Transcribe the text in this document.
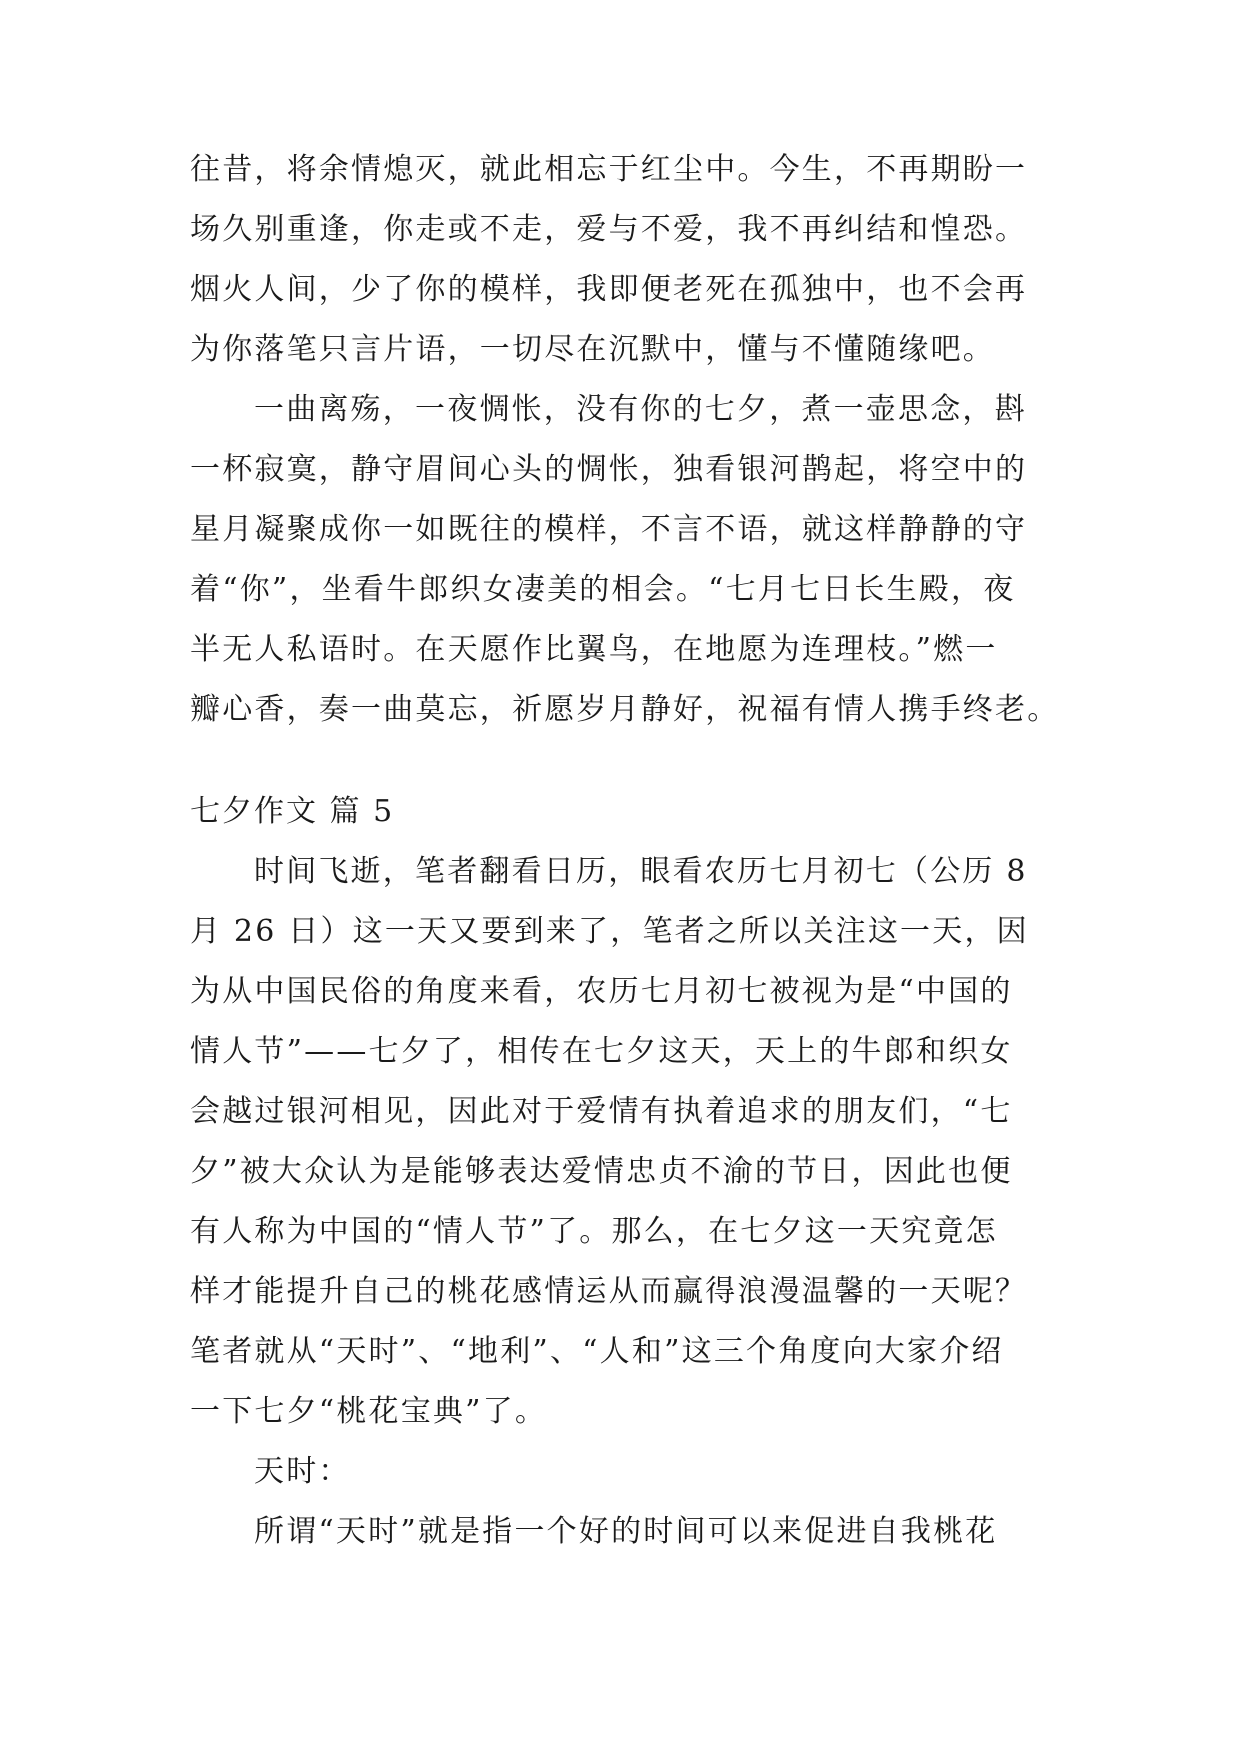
往昔，将余情熄灭，就此相忘于红尘中。今生，不再期盼一
场久别重逢，你走或不走，爱与不爱，我不再纠结和惶恐。
烟火人间，少了你的模样，我即便老死在孤独中，也不会再
为你落笔只言片语，一切尽在沉默中，懂与不懂随缘吧。
一曲离殇，一夜惆怅，没有你的七夕，煮一壶思念，斟
一杯寂寞，静守眉间心头的惆怅，独看银河鹊起，将空中的
星月凝聚成你一如既往的模样，不言不语，就这样静静的守
着“你”，坐看牛郎织女凄美的相会。“七月七日长生殿，夜
半无人私语时。在天愿作比翼鸟，在地愿为连理枝。”燃一
瓣心香，奏一曲莫忘，祈愿岁月静好，祝福有情人携手终老。
七夕作文 篇 5
时间飞逝，笔者翻看日历，眼看农历七月初七（公历 8
月 26 日）这一天又要到来了，笔者之所以关注这一天，因
为从中国民俗的角度来看，农历七月初七被视为是“中国的
情人节”——七夕了，相传在七夕这天，天上的牛郎和织女
会越过银河相见，因此对于爱情有执着追求的朋友们，“七
夕”被大众认为是能够表达爱情忠贞不渝的节日，因此也便
有人称为中国的“情人节”了。那么，在七夕这一天究竟怎
样才能提升自己的桃花感情运从而赢得浪漫温馨的一天呢？
笔者就从“天时”、“地利”、“人和”这三个角度向大家介绍
一下七夕“桃花宝典”了。
天时：
所谓“天时”就是指一个好的时间可以来促进自我桃花
